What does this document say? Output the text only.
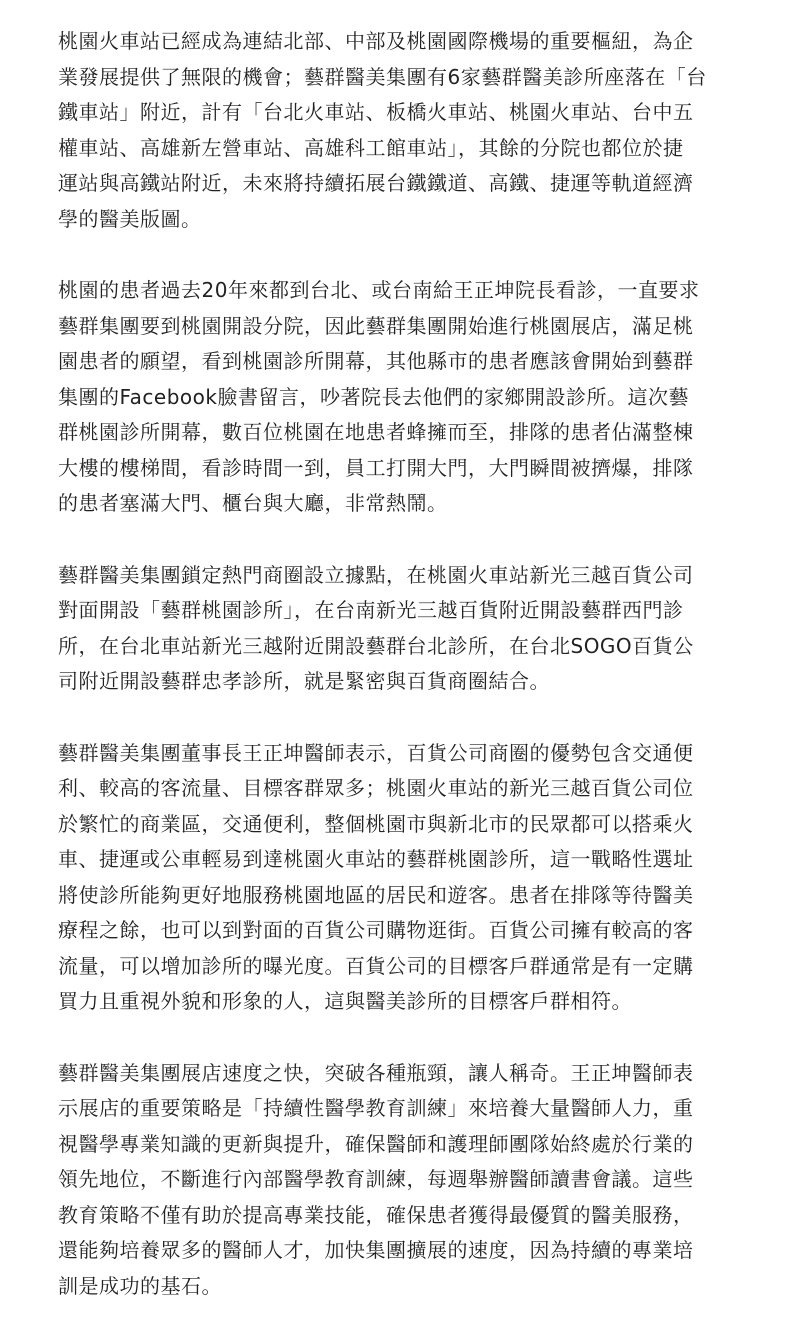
桃園火車站已經成為連結北部、中部及桃園國際機場的重要樞紐，為企
業發展提供了無限的機會；藝群醫美集團有6家藝群醫美診所座落在「台
鐵車站」附近，計有「台北火車站、板橋火車站、桃園火車站、台中五
權車站、高雄新左營車站、高雄科工館車站」，其餘的分院也都位於捷
運站與高鐵站附近，未來將持續拓展台鐵鐵道、高鐵、捷運等軌道經濟
學的醫美版圖。

桃園的患者過去20年來都到台北、或台南給王正坤院長看診，一直要求
藝群集團要到桃園開設分院，因此藝群集團開始進行桃園展店，滿足桃
園患者的願望，看到桃園診所開幕，其他縣市的患者應該會開始到藝群
集團的Facebook臉書留言，吵著院長去他們的家鄉開設診所。這次藝
群桃園診所開幕，數百位桃園在地患者蜂擁而至，排隊的患者佔滿整棟
大樓的樓梯間，看診時間一到，員工打開大門，大門瞬間被擠爆，排隊
的患者塞滿大門、櫃台與大廳，非常熱鬧。

藝群醫美集團鎖定熱門商圈設立據點，在桃園火車站新光三越百貨公司
對面開設「藝群桃園診所」，在台南新光三越百貨附近開設藝群西門診
所，在台北車站新光三越附近開設藝群台北診所，在台北SOGO百貨公
司附近開設藝群忠孝診所，就是緊密與百貨商圈結合。

藝群醫美集團董事長王正坤醫師表示，百貨公司商圈的優勢包含交通便
利、較高的客流量、目標客群眾多；桃園火車站的新光三越百貨公司位
於繁忙的商業區，交通便利，整個桃園市與新北市的民眾都可以搭乘火
車、捷運或公車輕易到達桃園火車站的藝群桃園診所，這一戰略性選址
將使診所能夠更好地服務桃園地區的居民和遊客。患者在排隊等待醫美
療程之餘，也可以到對面的百貨公司購物逛街。百貨公司擁有較高的客
流量，可以增加診所的曝光度。百貨公司的目標客戶群通常是有一定購
買力且重視外貌和形象的人，這與醫美診所的目標客戶群相符。

藝群醫美集團展店速度之快，突破各種瓶頸，讓人稱奇。王正坤醫師表
示展店的重要策略是「持續性醫學教育訓練」來培養大量醫師人力，重
視醫學專業知識的更新與提升，確保醫師和護理師團隊始終處於行業的
領先地位，不斷進行內部醫學教育訓練，每週舉辦醫師讀書會議。這些
教育策略不僅有助於提高專業技能，確保患者獲得最優質的醫美服務，
還能夠培養眾多的醫師人才，加快集團擴展的速度，因為持續的專業培
訓是成功的基石。
